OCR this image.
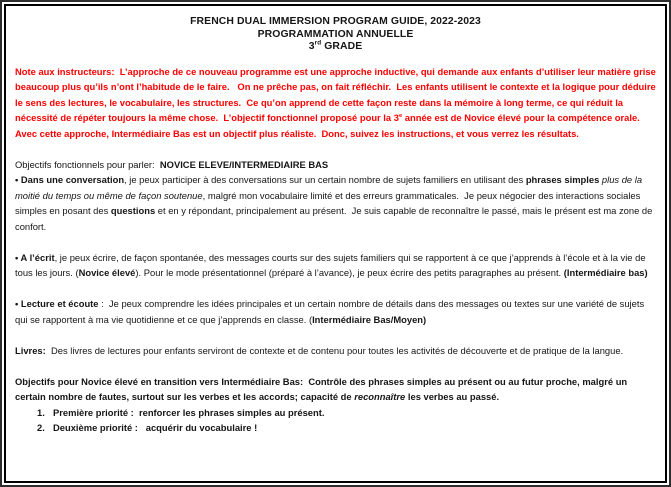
FRENCH DUAL IMMERSION PROGRAM GUIDE, 2022-2023
PROGRAMMATION ANNUELLE
3rd GRADE

Note aux instructeurs:  L’approche de ce nouveau programme est une approche inductive, qui demande aux enfants d’utiliser leur matière grise beaucoup plus qu’ils n’ont l’habitude de le faire.   On ne prêche pas, on fait réfléchir.  Les enfants utilisent le contexte et la logique pour déduire le sens des lectures, le vocabulaire, les structures.  Ce qu’on apprend de cette façon reste dans la mémoire à long terme, ce qui réduit la nécessité de répéter toujours la même chose.  L’objectif fonctionnel proposé pour la 3e année est de Novice élevé pour la compétence orale.  Avec cette approche, Intermédiaire Bas est un objectif plus réaliste.  Donc, suivez les instructions, et vous verrez les résultats.

Objectifs fonctionnels pour parler:  NOVICE ELEVE/INTERMEDIAIRE BAS

• Dans une conversation, je peux participer à des conversations sur un certain nombre de sujets familiers en utilisant des phrases simples plus de la moitié du temps ou même de façon soutenue, malgré mon vocabulaire limité et des erreurs grammaticales.  Je peux négocier des interactions sociales simples en posant des questions et en y répondant, principalement au présent.  Je suis capable de reconnaître le passé, mais le présent est ma zone de confort.

• A l’écrit, je peux écrire, de façon spontanée, des messages courts sur des sujets familiers qui se rapportent à ce que j’apprends à l’école et à la vie de tous les jours. (Novice élevé). Pour le mode présentationnel (préparé à l’avance), je peux écrire des petits paragraphes au présent. (Intermédiaire bas)

• Lecture et écoute :  Je peux comprendre les idées principales et un certain nombre de détails dans des messages ou textes sur une variété de sujets qui se rapportent à ma vie quotidienne et ce que j’apprends en classe. (Intermédiaire Bas/Moyen)

Livres:  Des livres de lectures pour enfants serviront de contexte et de contenu pour toutes les activités de découverte et de pratique de la langue.

Objectifs pour Novice élevé en transition vers Intermédiaire Bas:  Contrôle des phrases simples au présent ou au futur proche, malgré un certain nombre de fautes, surtout sur les verbes et les accords; capacité de reconnaître les verbes au passé.

1. Première priorité :  renforcer les phrases simples au présent.
2. Deuxième priorité :   acquérir du vocabulaire !
